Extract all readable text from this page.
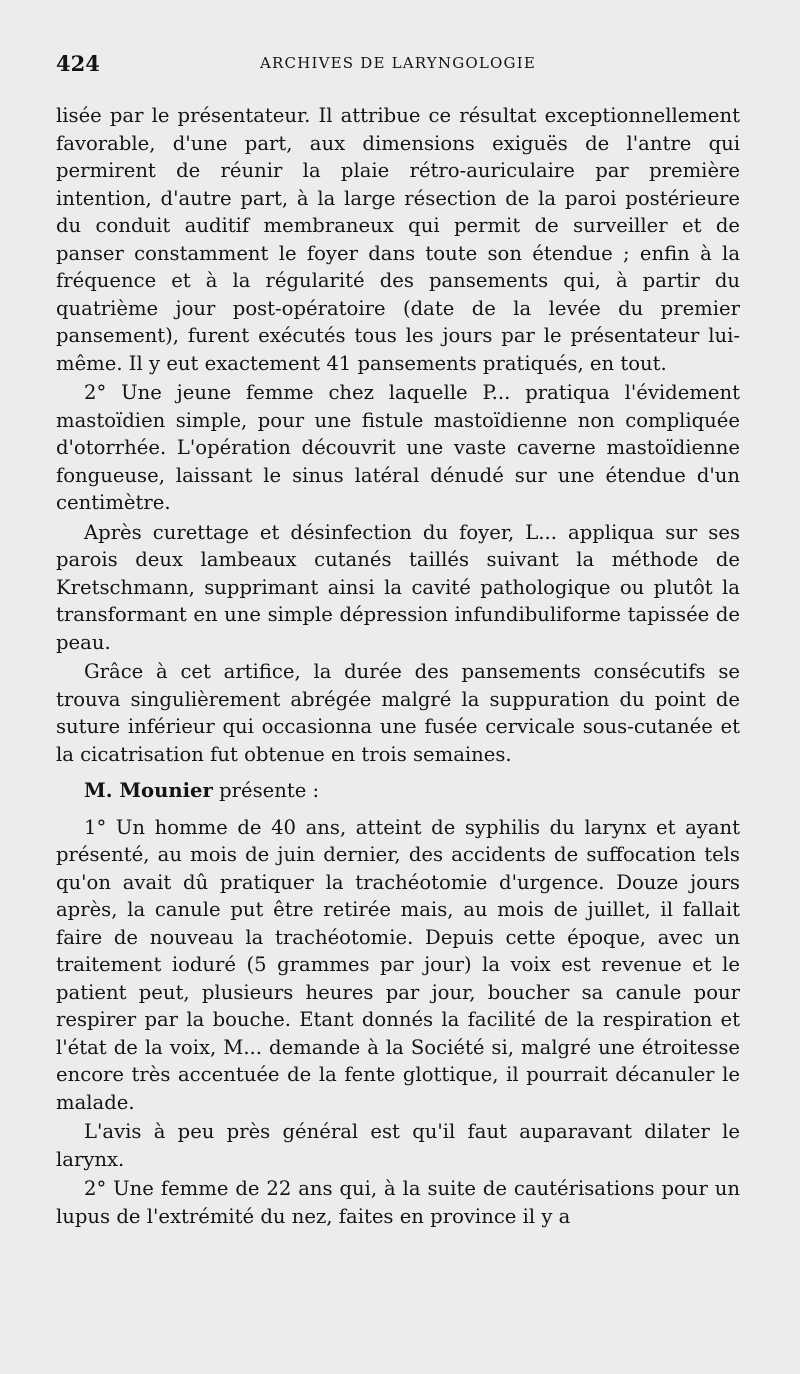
424	ARCHIVES DE LARYNGOLOGIE

lisée par le présentateur. Il attribue ce résultat exceptionnellement favorable, d'une part, aux dimensions exiguës de l'antre qui permirent de réunir la plaie rétro-auriculaire par première intention, d'autre part, à la large résection de la paroi postérieure du conduit auditif membraneux qui permit de surveiller et de panser constamment le foyer dans toute son étendue ; enfin à la fréquence et à la régularité des pansements qui, à partir du quatrième jour post-opératoire (date de la levée du premier pansement), furent exécutés tous les jours par le présentateur lui-même. Il y eut exactement 41 pansements pratiqués, en tout.

2° Une jeune femme chez laquelle P... pratiqua l'évidement mastoïdien simple, pour une fistule mastoïdienne non compliquée d'otorrhée. L'opération découvrit une vaste caverne mastoïdienne fongueuse, laissant le sinus latéral dénudé sur une étendue d'un centimètre.

Après curettage et désinfection du foyer, L... appliqua sur ses parois deux lambeaux cutanés taillés suivant la méthode de Kretschmann, supprimant ainsi la cavité pathologique ou plutôt la transformant en une simple dépression infundibuliforme tapissée de peau.

Grâce à cet artifice, la durée des pansements consécutifs se trouva singulièrement abrégée malgré la suppuration du point de suture inférieur qui occasionna une fusée cervicale sous-cutanée et la cicatrisation fut obtenue en trois semaines.

M. Mounier présente :

1° Un homme de 40 ans, atteint de syphilis du larynx et ayant présenté, au mois de juin dernier, des accidents de suffocation tels qu'on avait dû pratiquer la trachéotomie d'urgence. Douze jours après, la canule put être retirée mais, au mois de juillet, il fallait faire de nouveau la trachéotomie. Depuis cette époque, avec un traitement ioduré (5 grammes par jour) la voix est revenue et le patient peut, plusieurs heures par jour, boucher sa canule pour respirer par la bouche. Etant donnés la facilité de la respiration et l'état de la voix, M... demande à la Société si, malgré une étroitesse encore très accentuée de la fente glottique, il pourrait décanuler le malade.

L'avis à peu près général est qu'il faut auparavant dilater le larynx.

2° Une femme de 22 ans qui, à la suite de cautérisations pour un lupus de l'extrémité du nez, faites en province il y a
